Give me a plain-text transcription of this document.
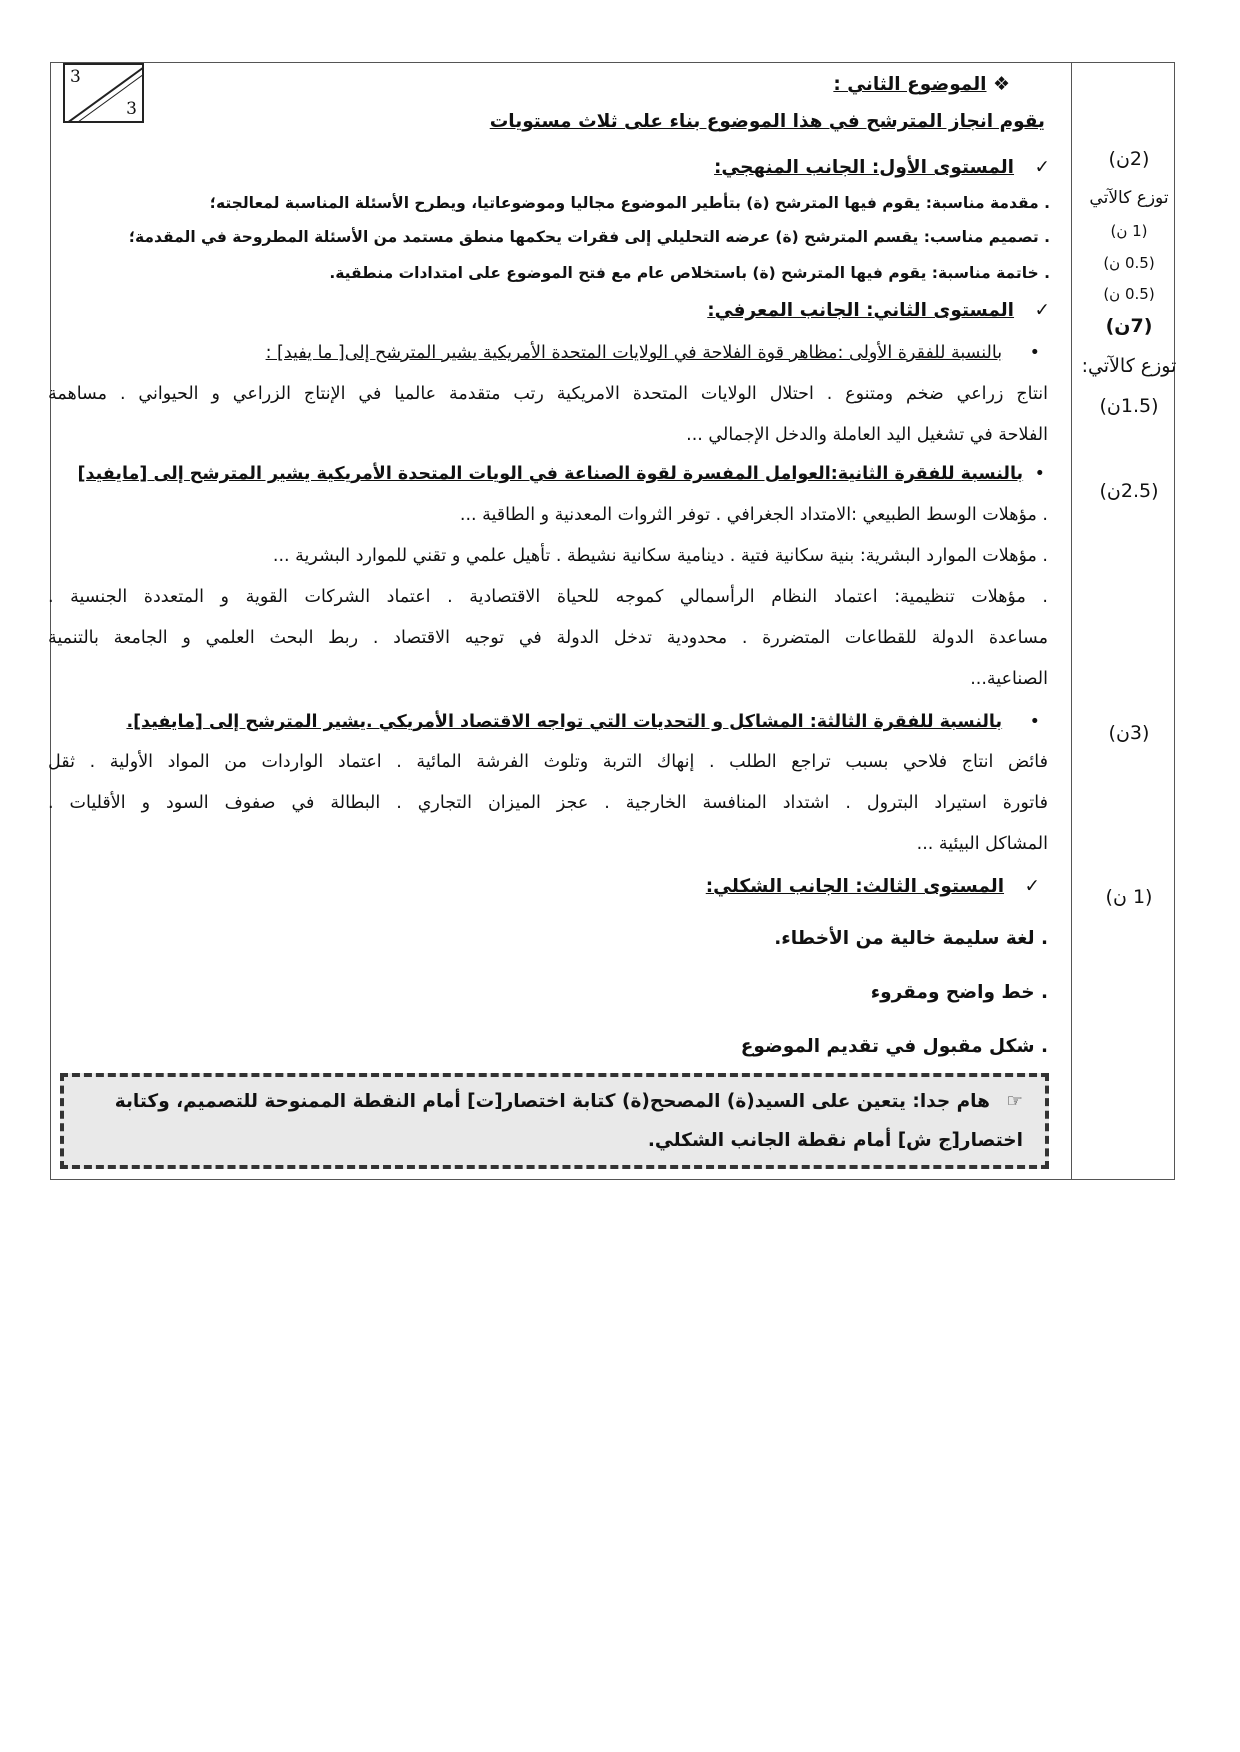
3
3
❖ الموضوع الثاني :
يقوم انجاز المترشح في هذا الموضوع بناء على ثلاث مستويات
✓ المستوى الأول: الجانب المنهجي:
. مقدمة مناسبة: يقوم فيها المترشح (ة) بتأطير الموضوع مجاليا وموضوعاتيا، ويطرح الأسئلة المناسبة لمعالجته؛
. تصميم مناسب: يقسم المترشح (ة) عرضه التحليلي إلى فقرات يحكمها منطق مستمد من الأسئلة المطروحة في المقدمة؛
. خاتمة مناسبة: يقوم فيها المترشح (ة) باستخلاص عام مع فتح الموضوع على امتدادات منطقية.
✓ المستوى الثاني: الجانب المعرفي:
• بالنسبة للفقرة الأولى :مظاهر قوة الفلاحة في الولايات المتحدة الأمريكية يشير المترشح إلى[ ما يفيد] :
انتاج زراعي ضخم ومتنوع . احتلال الولايات المتحدة الامريكية رتب متقدمة عالميا في الإنتاج الزراعي و الحيواني . مساهمة
الفلاحة في تشغيل اليد العاملة والدخل الإجمالي ...
• بالنسبة للفقرة الثانية:العوامل المفسرة لقوة الصناعة في الويات المتحدة الأمريكية يشير المترشح إلى [مايفيد]
. مؤهلات الوسط الطبيعي :الامتداد الجغرافي . توفر الثروات المعدنية و الطاقية ...
. مؤهلات الموارد البشرية: بنية سكانية فتية . دينامية سكانية نشيطة . تأهيل علمي و تقني للموارد البشرية ...
. مؤهلات تنظيمية: اعتماد النظام الرأسمالي كموجه للحياة الاقتصادية . اعتماد الشركات القوية و المتعددة الجنسية .
مساعدة الدولة للقطاعات المتضررة . محدودية تدخل الدولة في توجيه الاقتصاد . ربط البحث العلمي و الجامعة بالتنمية
الصناعية...
• بالنسبة للفقرة الثالثة: المشاكل و التحديات التي تواجه الاقتصاد الأمريكي .يشير المترشح إلى [مايفيد].
فائض انتاج فلاحي بسبب تراجع الطلب . إنهاك التربة وتلوث الفرشة المائية . اعتماد الواردات من المواد الأولية . ثقل
فاتورة استيراد البترول . اشتداد المنافسة الخارجية . عجز الميزان التجاري . البطالة في صفوف السود و الأقليات .
المشاكل البيئية ...
✓ المستوى الثالث: الجانب الشكلي:
. لغة سليمة خالية من الأخطاء.
. خط واضح ومقروء
. شكل مقبول في تقديم الموضوع
☞ هام جدا: يتعين على السيد(ة) المصحح(ة) كتابة اختصار[ت] أمام النقطة الممنوحة للتصميم، وكتابة
اختصار[ج ش] أمام نقطة الجانب الشكلي.
(2ن)
توزع كالآتي
(1 ن)
(0.5 ن)
(0.5 ن)
(7ن)
توزع كالآتي:
(1.5ن)
(2.5ن)
(3ن)
(1 ن)
